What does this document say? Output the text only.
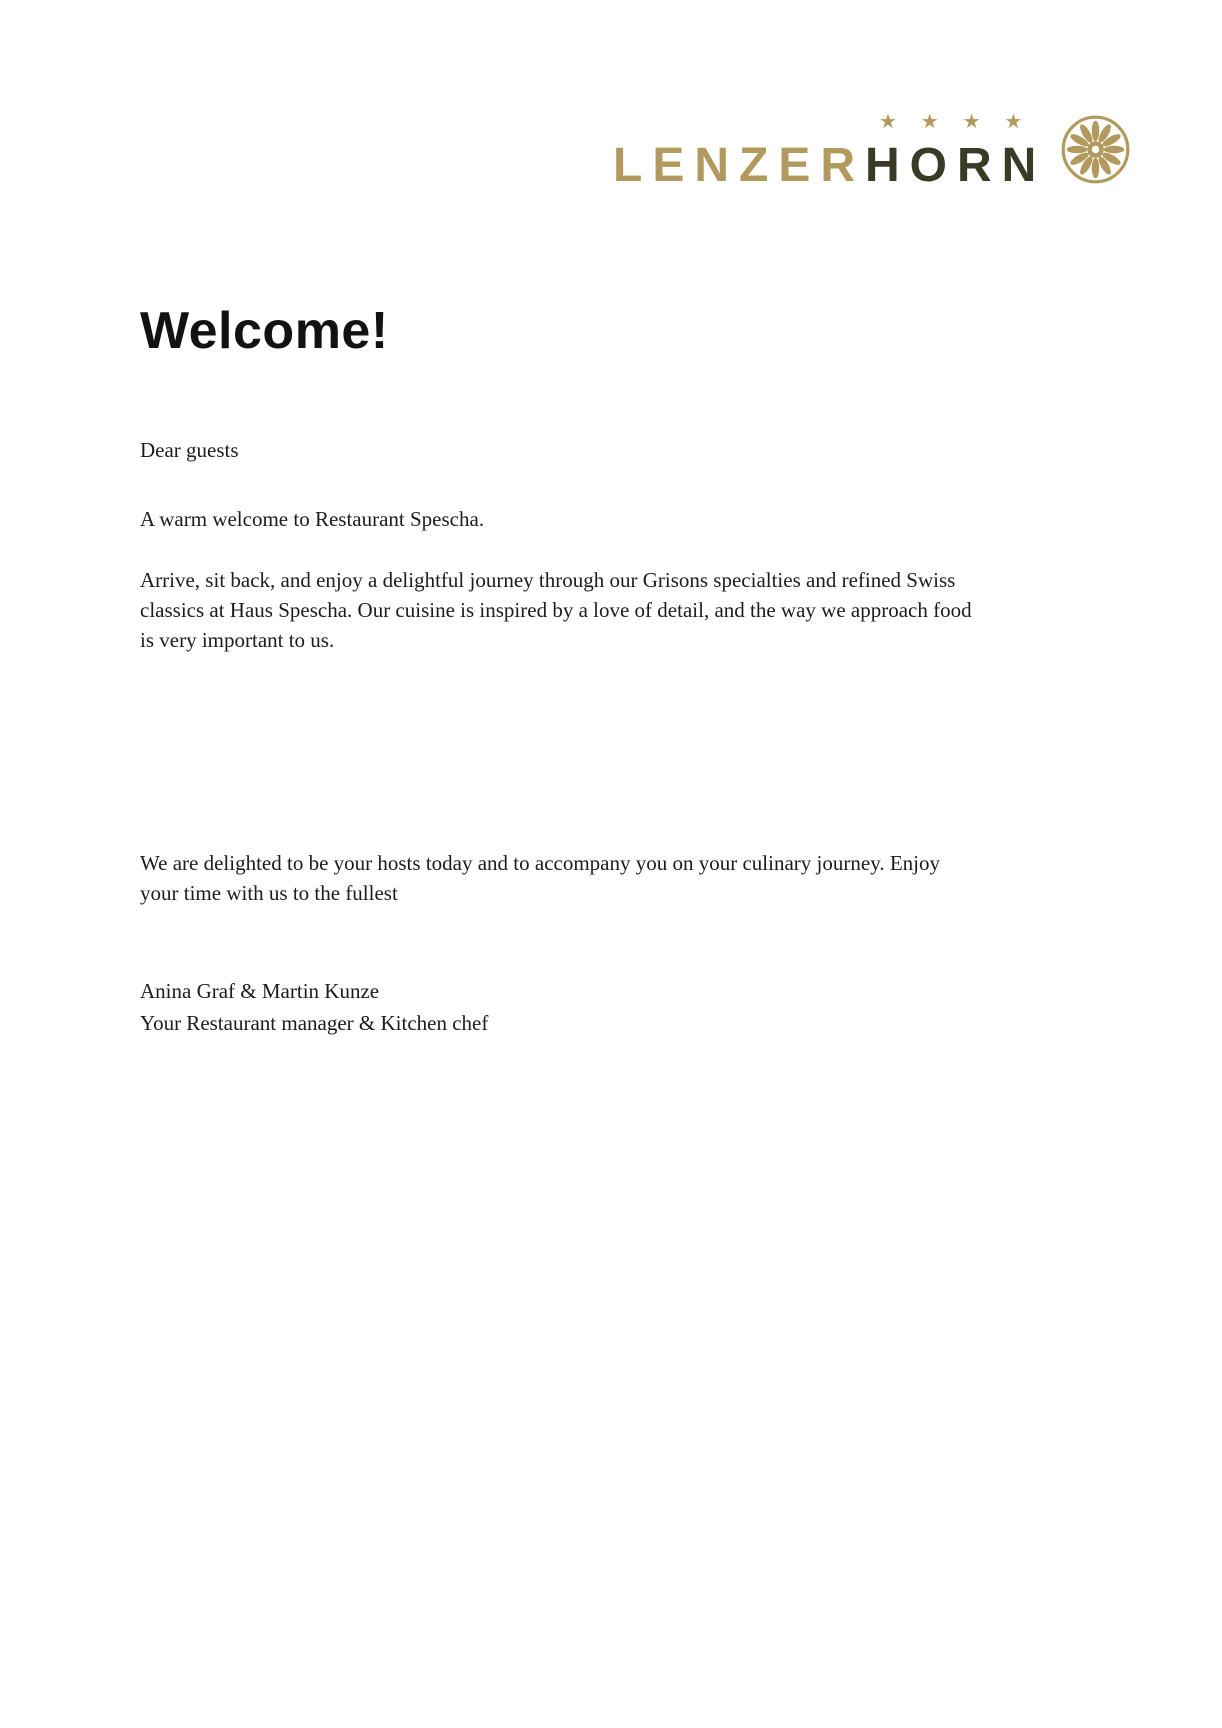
LENZER
★ ★ ★ ★
HORN
Welcome!
Dear guests
A warm welcome to Restaurant Spescha.
Arrive, sit back, and enjoy a delightful journey through our Grisons specialties and refined Swiss
classics at Haus Spescha. Our cuisine is inspired by a love of detail, and the way we approach food
is very important to us.
We are delighted to be your hosts today and to accompany you on your culinary journey. Enjoy
your time with us to the fullest
Anina Graf & Martin Kunze
Your Restaurant manager & Kitchen chef
